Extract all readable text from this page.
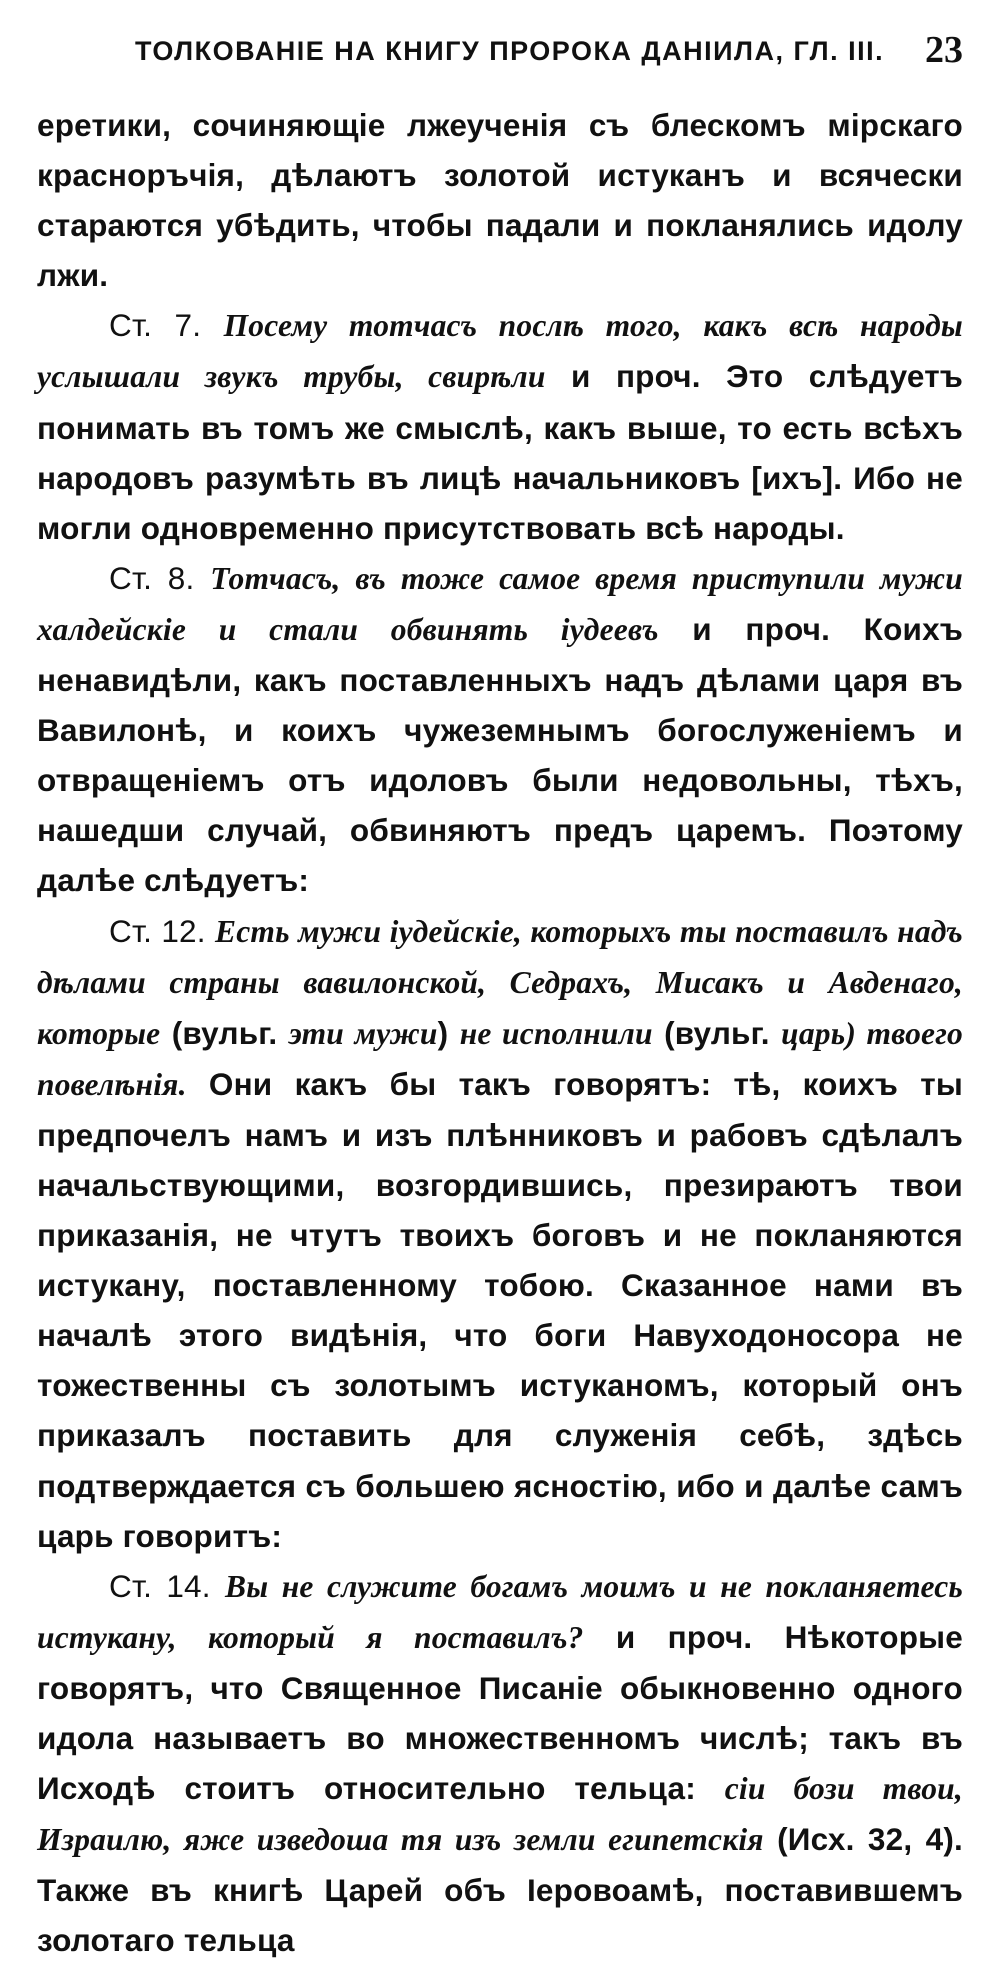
ТОЛКОВАНІЕ НА КНИГУ ПРОРОКА ДАНІИЛА, ГЛ. III. 23

еретики, сочиняющіе лжеученія съ блескомъ мірскаго красноръчія, дѣлаютъ золотой истуканъ и всячески стараются убѣдить, чтобы падали и покланялись идолу лжи.

Ст. 7. Посему тотчасъ послѣ того, какъ всѣ народы услышали звукъ трубы, свирѣли и проч. Это слѣдуетъ понимать въ томъ же смыслѣ, какъ выше, то есть всѣхъ народовъ разумѣть въ лицѣ начальниковъ [ихъ]. Ибо не могли одновременно присутствовать всѣ народы.

Ст. 8. Тотчасъ, въ тоже самое время приступили мужи халдейскіе и стали обвинять іудеевъ и проч. Коихъ ненавидѣли, какъ поставленныхъ надъ дѣлами царя въ Вавилонѣ, и коихъ чужеземнымъ богослуженіемъ и отвращеніемъ отъ идоловъ были недовольны, тѣхъ, нашедши случай, обвиняютъ предъ царемъ. Поэтому далѣе слѣдуетъ:

Ст. 12. Есть мужи іудейскіе, которыхъ ты поставилъ надъ дѣлами страны вавилонской, Седрахъ, Мисакъ и Авденаго, которые (вульг. эти мужи) не исполнили (вульг. царь) твоего повелѣнія. Они какъ бы такъ говорятъ: тѣ, коихъ ты предпочелъ намъ и изъ плѣнниковъ и рабовъ сдѣлалъ начальствующими, возгордившись, презираютъ твои приказанія, не чтутъ твоихъ боговъ и не покланяются истукану, поставленному тобою. Сказанное нами въ началѣ этого видѣнія, что боги Навуходоносора не тожественны съ золотымъ истуканомъ, который онъ приказалъ поставить для служенія себѣ, здѣсь подтверждается съ большею ясностію, ибо и далѣе самъ царь говоритъ:

Ст. 14. Вы не служите богамъ моимъ и не покланяетесь истукану, который я поставилъ? и проч. Нѣкоторые говорятъ, что Священное Писаніе обыкновенно одного идола называетъ во множественномъ числѣ; такъ въ Исходѣ стоитъ относительно тельца: сіи бози твои, Израилю, яже изведоша тя изъ земли египетскія (Исх. 32, 4). Также въ книгѣ Царей объ Іеровоамѣ, поставившемъ золотаго тельца
